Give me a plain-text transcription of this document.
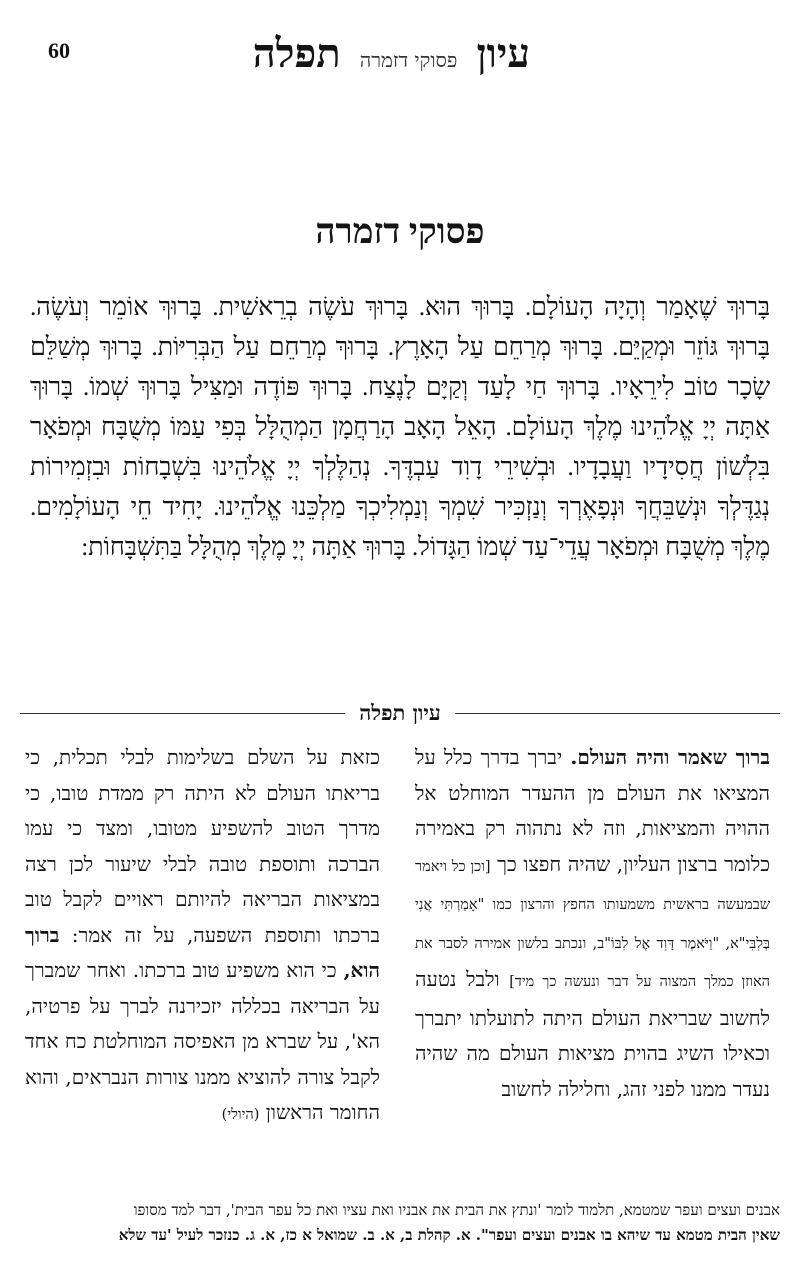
60	עיון פסוקי דזמרה תפלה
פסוקי דזמרה
בָּרוּךְ שֶׁאָמַר וְהָיָה הָעוֹלָם. בָּרוּךְ הוּא. בָּרוּךְ עֹשֶׂה בְרֵאשִׁית. בָּרוּךְ אוֹמֵר וְעֹשֶׂה. בָּרוּךְ גּוֹזֵר וּמְקַיֵּם. בָּרוּךְ מְרַחֵם עַל הָאָרֶץ. בָּרוּךְ מְרַחֵם עַל הַבְּרִיּוֹת. בָּרוּךְ מְשַׁלֵּם שָׂכָר טוֹב לִירֵאָיו. בָּרוּךְ חַי לָעַד וְקַיָּם לָנֶצַח. בָּרוּךְ פּוֹדֶה וּמַצִּיל בָּרוּךְ שְׁמוֹ. בָּרוּךְ אַתָּה יְיָ אֱלֹהֵינוּ מֶלֶךְ הָעוֹלָם. הָאֵל הָאָב הָרַחֲמָן הַמְהֻלָּל בְּפִי עַמּוֹ מְשֻׁבָּח וּמְפֹאָר בִּלְשׁוֹן חֲסִידָיו וַעֲבָדָיו. וּבְשִׁירֵי דָוִד עַבְדֶּךָ. נְהַלֶּלְךָ יְיָ אֱלֹהֵינוּ בִּשְׁבָחוֹת וּבִזְמִירוֹת נְגַדֶּלְךָ וּנְשַׁבֵּחֲךָ וּנְפָאֶרְךָ וְנַזְכִּיר שִׁמְךָ וְנַמְלִיכְךָ מַלְכֵּנוּ אֱלֹהֵינוּ. יָחִיד חֵי הָעוֹלָמִים. מֶלֶךְ מְשֻׁבָּח וּמְפֹאָר עֲדֵי־עַד שְׁמוֹ הַגָּדוֹל. בָּרוּךְ אַתָּה יְיָ מֶלֶךְ מְהֻלָּל בַּתִּשְׁבָּחוֹת:
עיון תפלה
ברוך שאמר והיה העולם. יברך בדרך כלל על המציאו את העולם מן ההעדר המוחלט אל ההויה והמציאות, וזה לא נתהוה רק באמירה כלומר ברצון העליון, שהיה חפצו כך [וכן כל ויאמר שבמעשה בראשית משמעותו החפץ והרצון כמו "אָמַרְתִּי אֲנִי בְּלִבִּי"א, "וַיֹּאמֶר דָּוִד אֶל לִבּוֹ"ב, ונכתב בלשון אמירה לסבר את האוזן כמלך המצוה על דבר ונעשה כך מיד] ולבל נטעה לחשוב שבריאת העולם היתה לתועלתו יתברך וכאילו השיג בהוית מציאות העולם מה שהיה נעדר ממנו לפני זהג, וחלילה לחשוב
כזאת על השלם בשלימות לבלי תכלית, כי בריאתו העולם לא היתה רק ממדת טובו, כי מדרך הטוב להשפיע מטובו, ומצד כי עמו הברכה ותוספת טובה לבלי שיעור לכן רצה במציאות הבריאה להיותם ראויים לקבל טוב ברכתו ותוספת השפעה, על זה אמר: ברוך הוא, כי הוא משפיע טוב ברכתו. ואחר שמברך על הבריאה בכללה יזכירנה לברך על פרטיה, הא', על שברא מן האפיסה המוחלטת כח אחד לקבל צורה להוציא ממנו צורות הנבראים, והוא החומר הראשון (היולי)
אבנים ועצים ועפר שמטמא, תלמוד לומר 'ונתץ את הבית את אבניו ואת עציו ואת כל עפר הבית', דבר למד מסופו
שאין הבית מטמא עד שיהא בו אבנים ועצים ועפר". א. קהלת ב, א. ב. שמואל א כז, א. ג. כנזכר לעיל 'עד שלא
